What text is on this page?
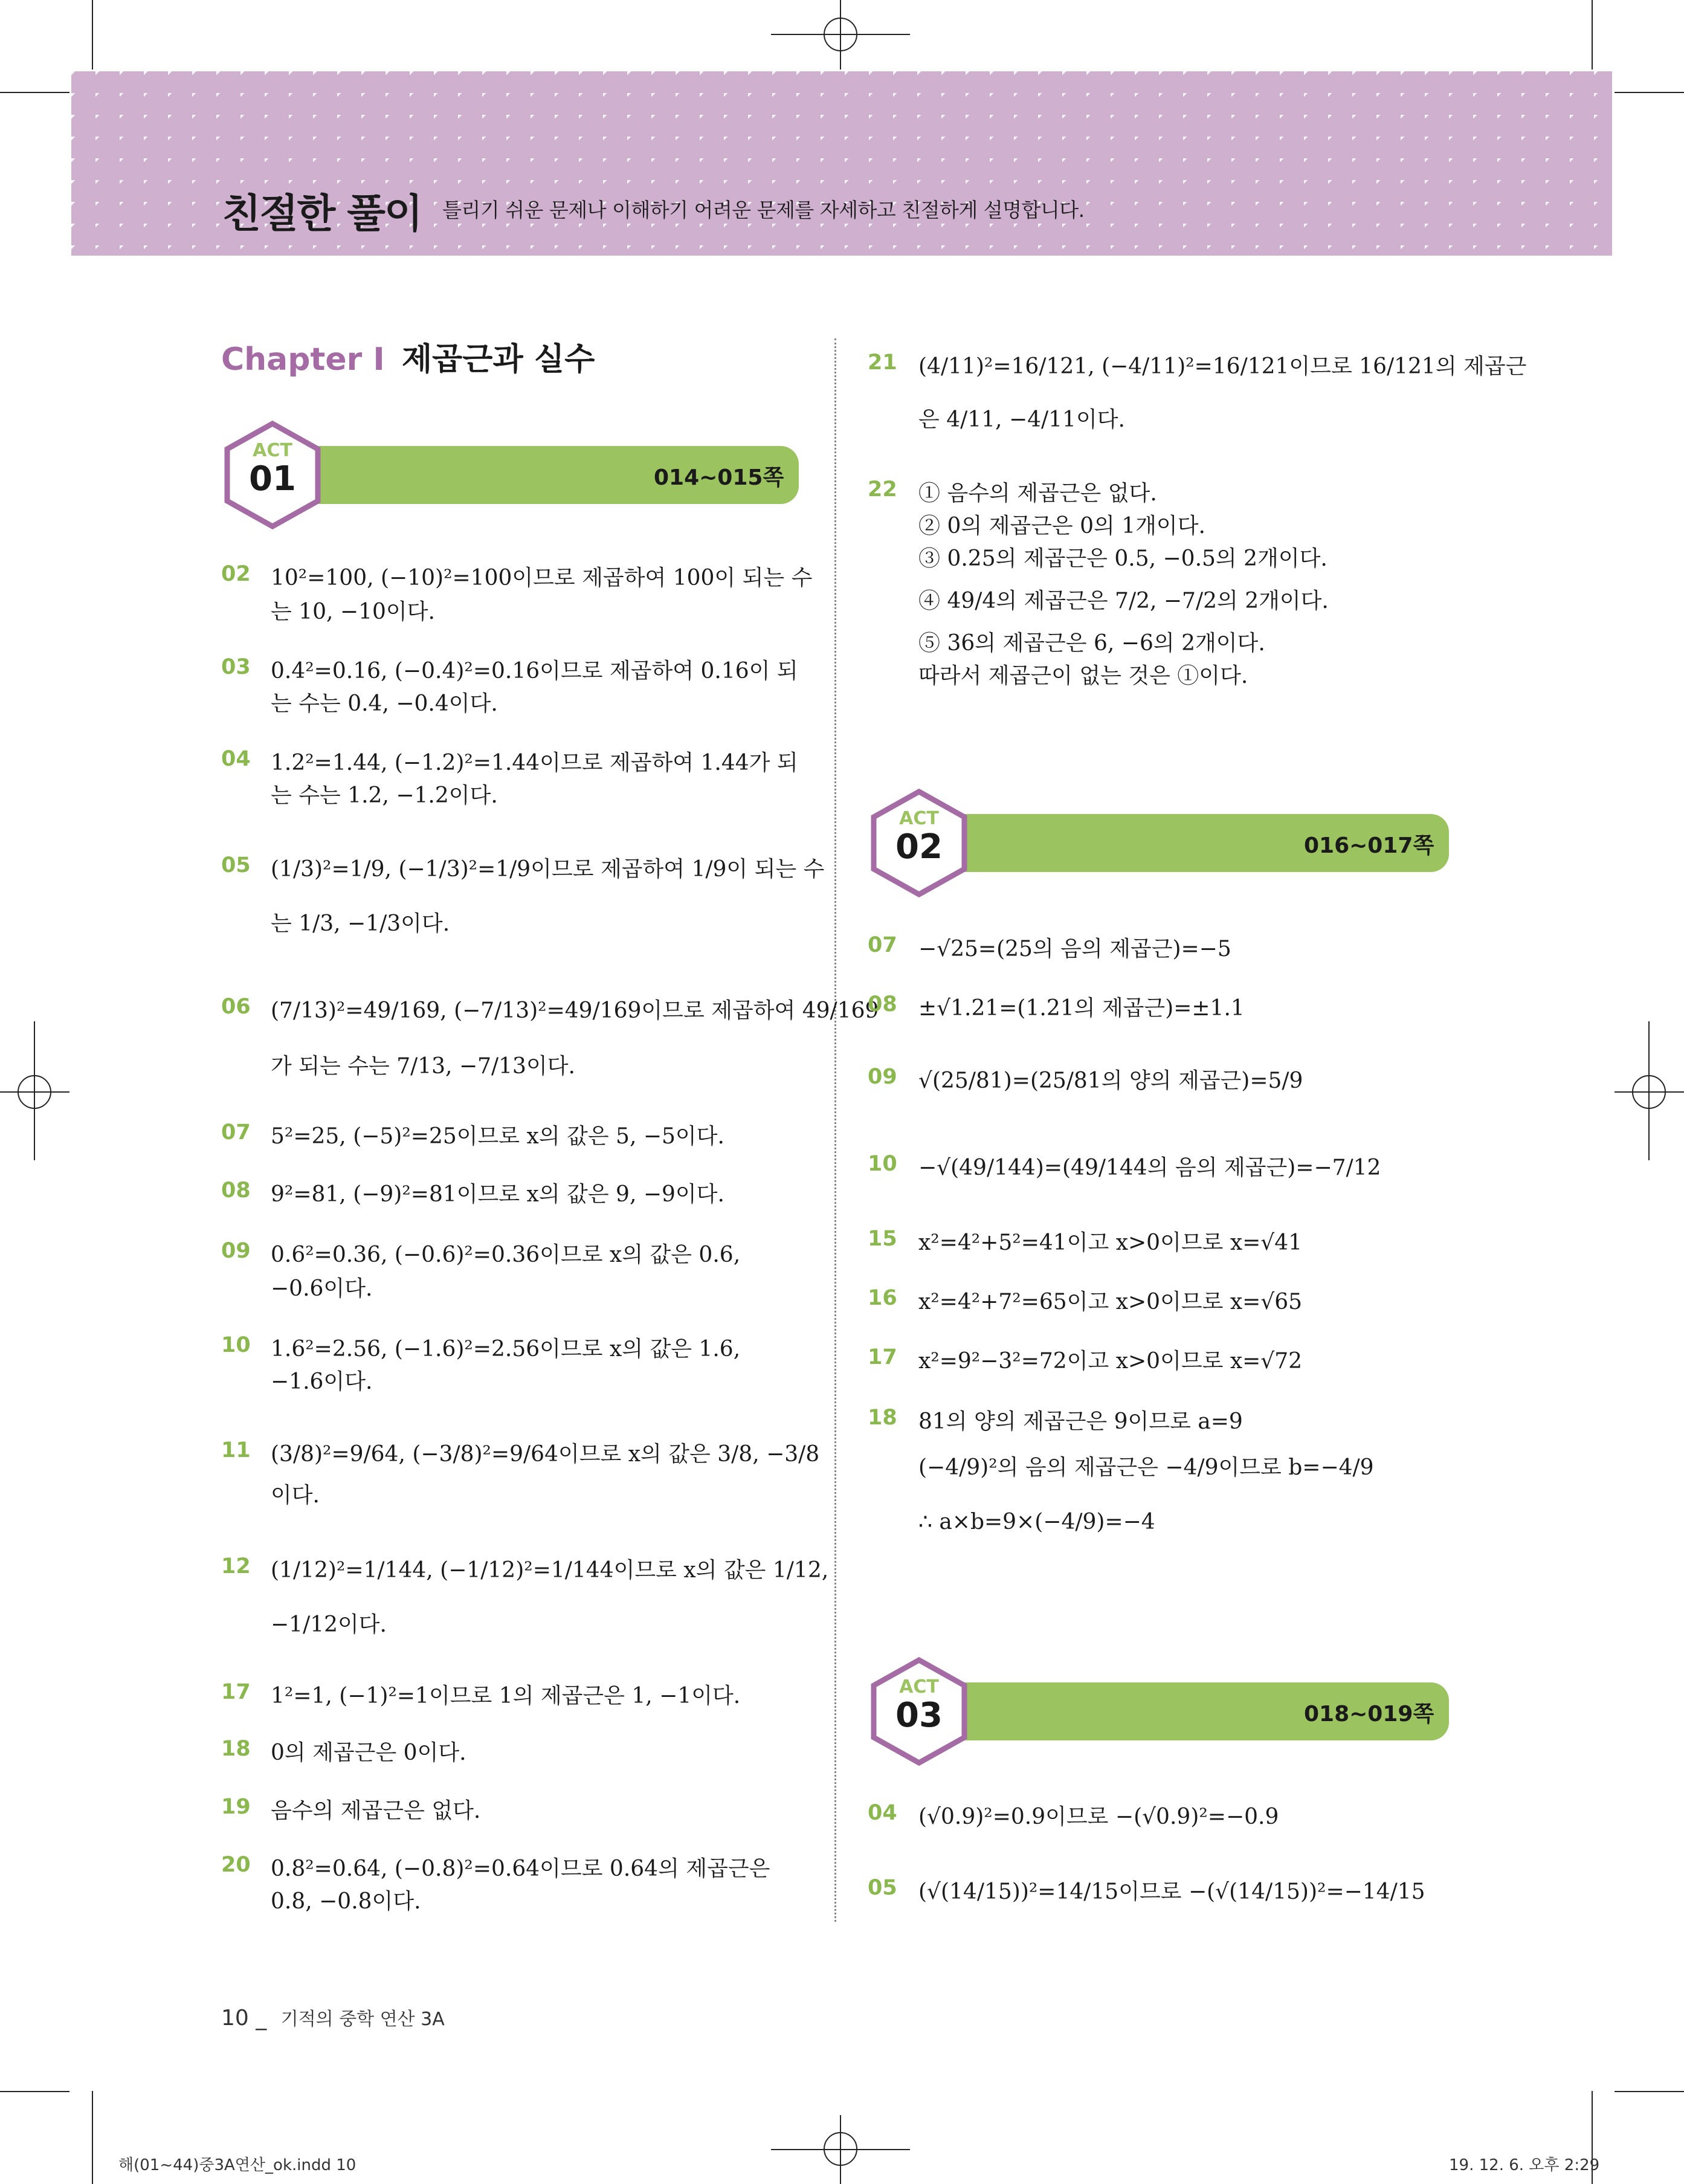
친절한 풀이 틀리기 쉬운 문제나 이해하기 어려운 문제를 자세하고 친절하게 설명합니다.
Chapter Ⅰ 제곱근과 실수
ACT
01	014~015쪽
ACT
02	016~017쪽
ACT
03	018~019쪽
02 10²=100, (−10)²=100이므로 제곱하여 100이 되는 수
는 10, −10이다.
03 0.4²=0.16, (−0.4)²=0.16이므로 제곱하여 0.16이 되
는 수는 0.4, −0.4이다.
04 1.2²=1.44, (−1.2)²=1.44이므로 제곱하여 1.44가 되
는 수는 1.2, −1.2이다.
05 (1/3)²=1/9, (−1/3)²=1/9이므로 제곱하여 1/9이 되는 수
는 1/3, −1/3이다.
06 (7/13)²=49/169, (−7/13)²=49/169이므로 제곱하여 49/169
가 되는 수는 7/13, −7/13이다.
07 5²=25, (−5)²=25이므로 x의 값은 5, −5이다.
08 9²=81, (−9)²=81이므로 x의 값은 9, −9이다.
09 0.6²=0.36, (−0.6)²=0.36이므로 x의 값은 0.6,
−0.6이다.
10 1.6²=2.56, (−1.6)²=2.56이므로 x의 값은 1.6,
−1.6이다.
11 (3/8)²=9/64, (−3/8)²=9/64이므로 x의 값은 3/8, −3/8
이다.
12 (1/12)²=1/144, (−1/12)²=1/144이므로 x의 값은 1/12,
−1/12이다.
17 1²=1, (−1)²=1이므로 1의 제곱근은 1, −1이다.
18 0의 제곱근은 0이다.
19 음수의 제곱근은 없다.
20 0.8²=0.64, (−0.8)²=0.64이므로 0.64의 제곱근은
0.8, −0.8이다.
21 (4/11)²=16/121, (−4/11)²=16/121이므로 16/121의 제곱근
은 4/11, −4/11이다.
22 ① 음수의 제곱근은 없다.
② 0의 제곱근은 0의 1개이다.
③ 0.25의 제곱근은 0.5, −0.5의 2개이다.
④ 49/4의 제곱근은 7/2, −7/2의 2개이다.
⑤ 36의 제곱근은 6, −6의 2개이다.
따라서 제곱근이 없는 것은 ①이다.
07 −√25=(25의 음의 제곱근)=−5
08 ±√1.21=(1.21의 제곱근)=±1.1
09 √(25/81)=(25/81의 양의 제곱근)=5/9
10 −√(49/144)=(49/144의 음의 제곱근)=−7/12
15 x²=4²+5²=41이고 x>0이므로 x=√41
16 x²=4²+7²=65이고 x>0이므로 x=√65
17 x²=9²−3²=72이고 x>0이므로 x=√72
18 81의 양의 제곱근은 9이므로 a=9
(−4/9)²의 음의 제곱근은 −4/9이므로 b=−4/9
∴ a×b=9×(−4/9)=−4
04 (√0.9)²=0.9이므로 −(√0.9)²=−0.9
05 (√(14/15))²=14/15이므로 −(√(14/15))²=−14/15
10 _ 기적의 중학 연산 3A
해(01~44)중3A연산_ok.indd 10	19. 12. 6. 오후 2:29
